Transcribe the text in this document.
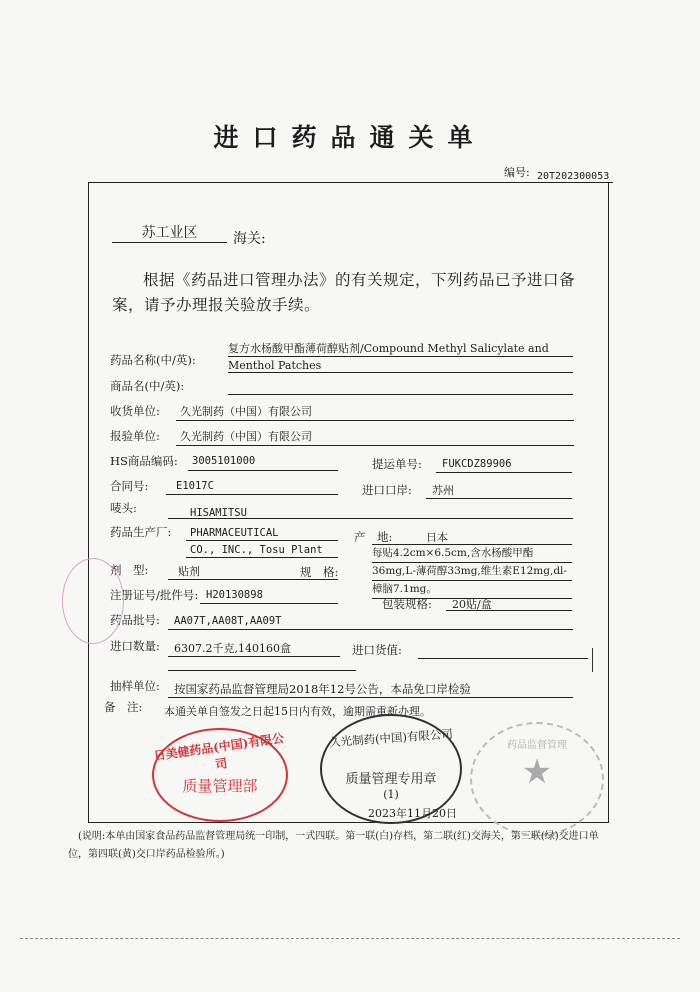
进口药品通关单
编号: 20T202300053
苏工业区	海关:
根据《药品进口管理办法》的有关规定，下列药品已予进口备案，请予办理报关验放手续。
药品名称(中/英):
复方水杨酸甲酯薄荷醇贴剂/Compound Methyl Salicylate and Menthol Patches
商品名(中/英):
收货单位: 久光制药（中国）有限公司
报验单位: 久光制药（中国）有限公司
HS商品编码: 3005101000	提运单号: FUKCDZ89906
合同号:	E1017C	进口口岸: 苏州
唛头:	HISAMITSU
药品生产厂: PHARMACEUTICAL
CO., INC., Tosu Plant
产　地:	日本
剂　型:	贴剂	规　格:
每贴4.2cm×6.5cm,含水杨酸甲酯36mg,L-薄荷醇33mg,维生素E12mg,dl-樟脑7.1mg。
注册证号/批件号: H20130898
包装规格: 20贴/盒
药品批号: AA07T,AA08T,AA09T
进口数量: 6307.2千克,140160盒	进口货值:
抽样单位: 按国家药品监督管理局2018年12号公告，本品免口岸检验
备　注: 本通关单自签发之日起15日内有效，逾期需重新办理。
日美健药品(中国)有限公司
质量管理部
久光制药(中国)有限公司
质量管理专用章
(1)
药品监督管理
★
2023年11月20日
(说明:本单由国家食品药品监督管理局统一印制，一式四联。第一联(白)存档，第二联(红)交海关，第三联(绿)交进口单位，第四联(黄)交口岸药品检验所。)
